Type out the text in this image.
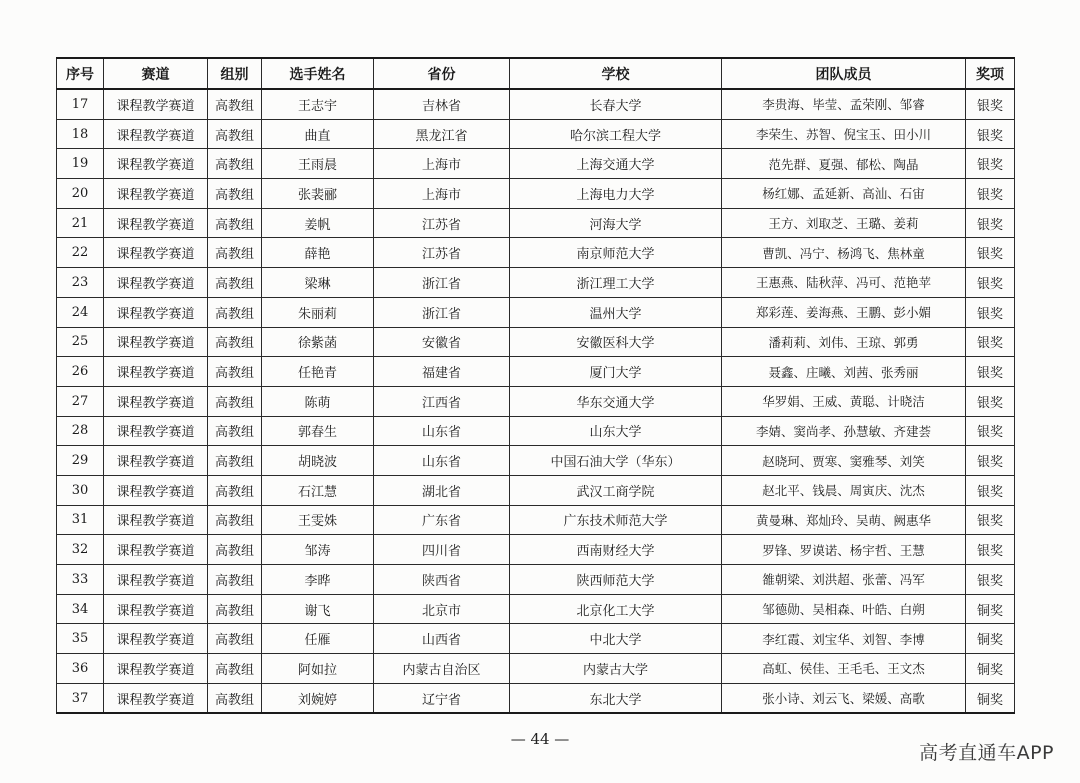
序号	赛道	组别	选手姓名	省份	学校	团队成员	奖项
17	课程教学赛道	高教组	王志宇	吉林省	长春大学	李贵海、毕莹、孟荣刚、邹睿	银奖
18	课程教学赛道	高教组	曲直	黑龙江省	哈尔滨工程大学	李荣生、苏智、倪宝玉、田小川	银奖
19	课程教学赛道	高教组	王雨晨	上海市	上海交通大学	范先群、夏强、郁松、陶晶	银奖
20	课程教学赛道	高教组	张裴郦	上海市	上海电力大学	杨红娜、孟延新、高汕、石宙	银奖
21	课程教学赛道	高教组	姜帆	江苏省	河海大学	王方、刘取芝、王璐、姜莉	银奖
22	课程教学赛道	高教组	薛艳	江苏省	南京师范大学	曹凯、冯宁、杨鸿飞、焦林童	银奖
23	课程教学赛道	高教组	梁琳	浙江省	浙江理工大学	王惠燕、陆秋萍、冯可、范艳苹	银奖
24	课程教学赛道	高教组	朱丽莉	浙江省	温州大学	郑彩莲、姜海燕、王鹏、彭小媚	银奖
25	课程教学赛道	高教组	徐紫菡	安徽省	安徽医科大学	潘莉莉、刘伟、王琼、郭勇	银奖
26	课程教学赛道	高教组	任艳青	福建省	厦门大学	聂鑫、庄曦、刘茜、张秀丽	银奖
27	课程教学赛道	高教组	陈萌	江西省	华东交通大学	华罗娟、王威、黄聪、计晓洁	银奖
28	课程教学赛道	高教组	郭春生	山东省	山东大学	李婧、窦尚孝、孙慧敏、齐建荟	银奖
29	课程教学赛道	高教组	胡晓波	山东省	中国石油大学（华东）	赵晓珂、贾寒、窦雅琴、刘笑	银奖
30	课程教学赛道	高教组	石江慧	湖北省	武汉工商学院	赵北平、钱晨、周寅庆、沈杰	银奖
31	课程教学赛道	高教组	王雯姝	广东省	广东技术师范大学	黄曼琳、郑灿玲、吴萌、阙惠华	银奖
32	课程教学赛道	高教组	邹涛	四川省	西南财经大学	罗锋、罗谟诺、杨宇哲、王慧	银奖
33	课程教学赛道	高教组	李晔	陕西省	陕西师范大学	雒朝梁、刘洪超、张蕾、冯军	银奖
34	课程教学赛道	高教组	谢飞	北京市	北京化工大学	邹德勋、吴相森、叶皓、白朔	铜奖
35	课程教学赛道	高教组	任雁	山西省	中北大学	李红霞、刘宝华、刘智、李博	铜奖
36	课程教学赛道	高教组	阿如拉	内蒙古自治区	内蒙古大学	高虹、侯佳、王毛毛、王文杰	铜奖
37	课程教学赛道	高教组	刘婉婷	辽宁省	东北大学	张小诗、刘云飞、梁媛、高歌	铜奖
— 44 —
高考直通车APP
